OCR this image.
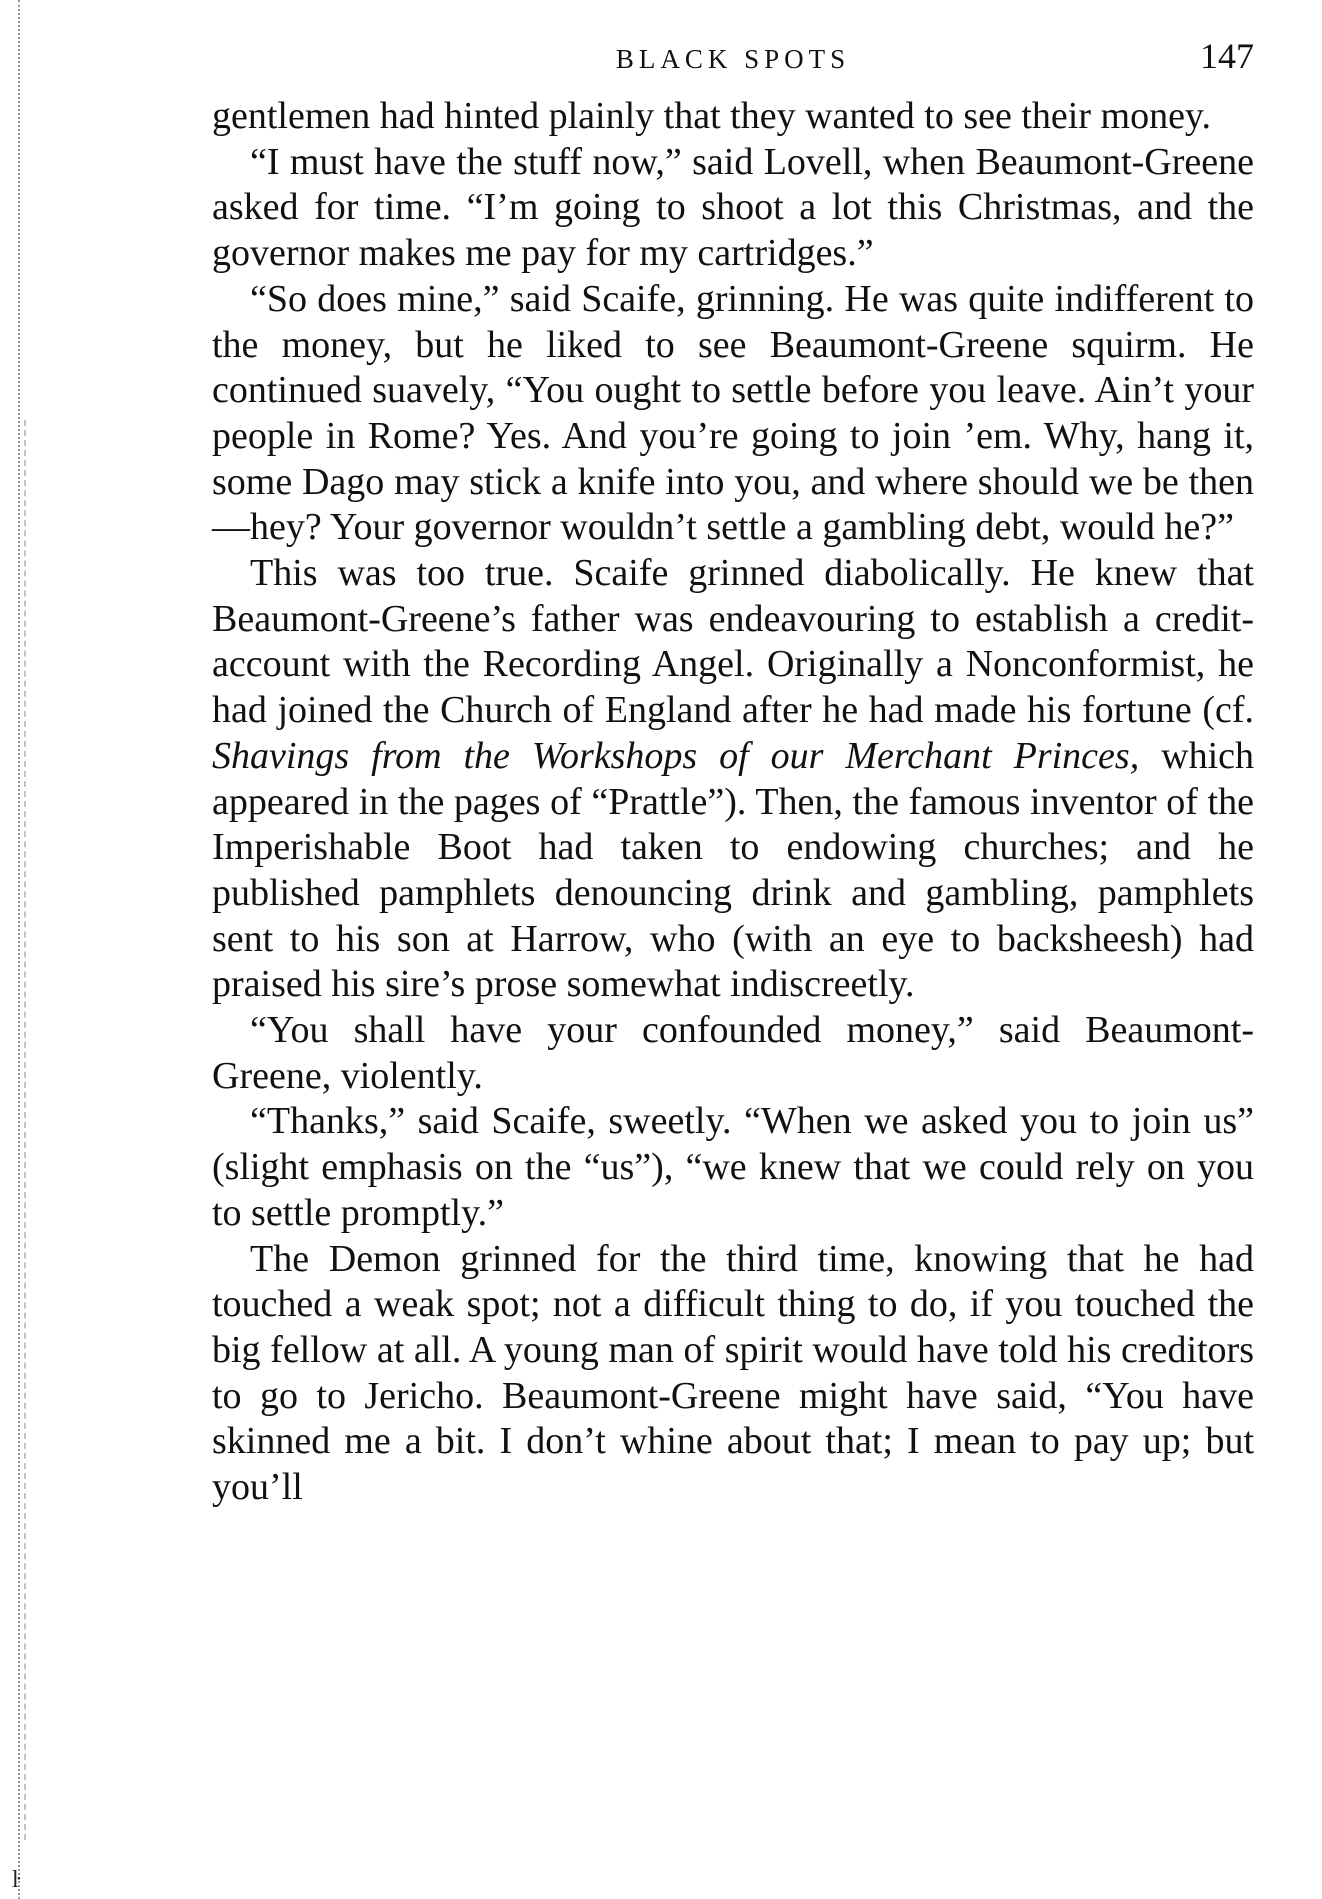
ŀ
BLACK SPOTS	147

gentlemen had hinted plainly that they wanted to see their money.

“I must have the stuff now,” said Lovell, when Beaumont-Greene asked for time. “I’m going to shoot a lot this Christmas, and the governor makes me pay for my cartridges.”

“So does mine,” said Scaife, grinning. He was quite indifferent to the money, but he liked to see Beaumont-Greene squirm. He continued suavely, “You ought to settle before you leave. Ain’t your people in Rome? Yes. And you’re going to join ’em. Why, hang it, some Dago may stick a knife into you, and where should we be then—hey? Your governor wouldn’t settle a gambling debt, would he?”

This was too true. Scaife grinned diabolically. He knew that Beaumont-Greene’s father was endeavouring to establish a credit-account with the Recording Angel. Originally a Nonconformist, he had joined the Church of England after he had made his fortune (cf. Shavings from the Workshops of our Merchant Princes, which appeared in the pages of “Prattle”). Then, the famous inventor of the Imperishable Boot had taken to endowing churches; and he published pamphlets denouncing drink and gambling, pamphlets sent to his son at Harrow, who (with an eye to backsheesh) had praised his sire’s prose somewhat indiscreetly.

“You shall have your confounded money,” said Beaumont-Greene, violently.

“Thanks,” said Scaife, sweetly. “When we asked you to join us” (slight emphasis on the “us”), “we knew that we could rely on you to settle promptly.”

The Demon grinned for the third time, knowing that he had touched a weak spot; not a difficult thing to do, if you touched the big fellow at all. A young man of spirit would have told his creditors to go to Jericho. Beaumont-Greene might have said, “You have skinned me a bit. I don’t whine about that; I mean to pay up; but you’ll
